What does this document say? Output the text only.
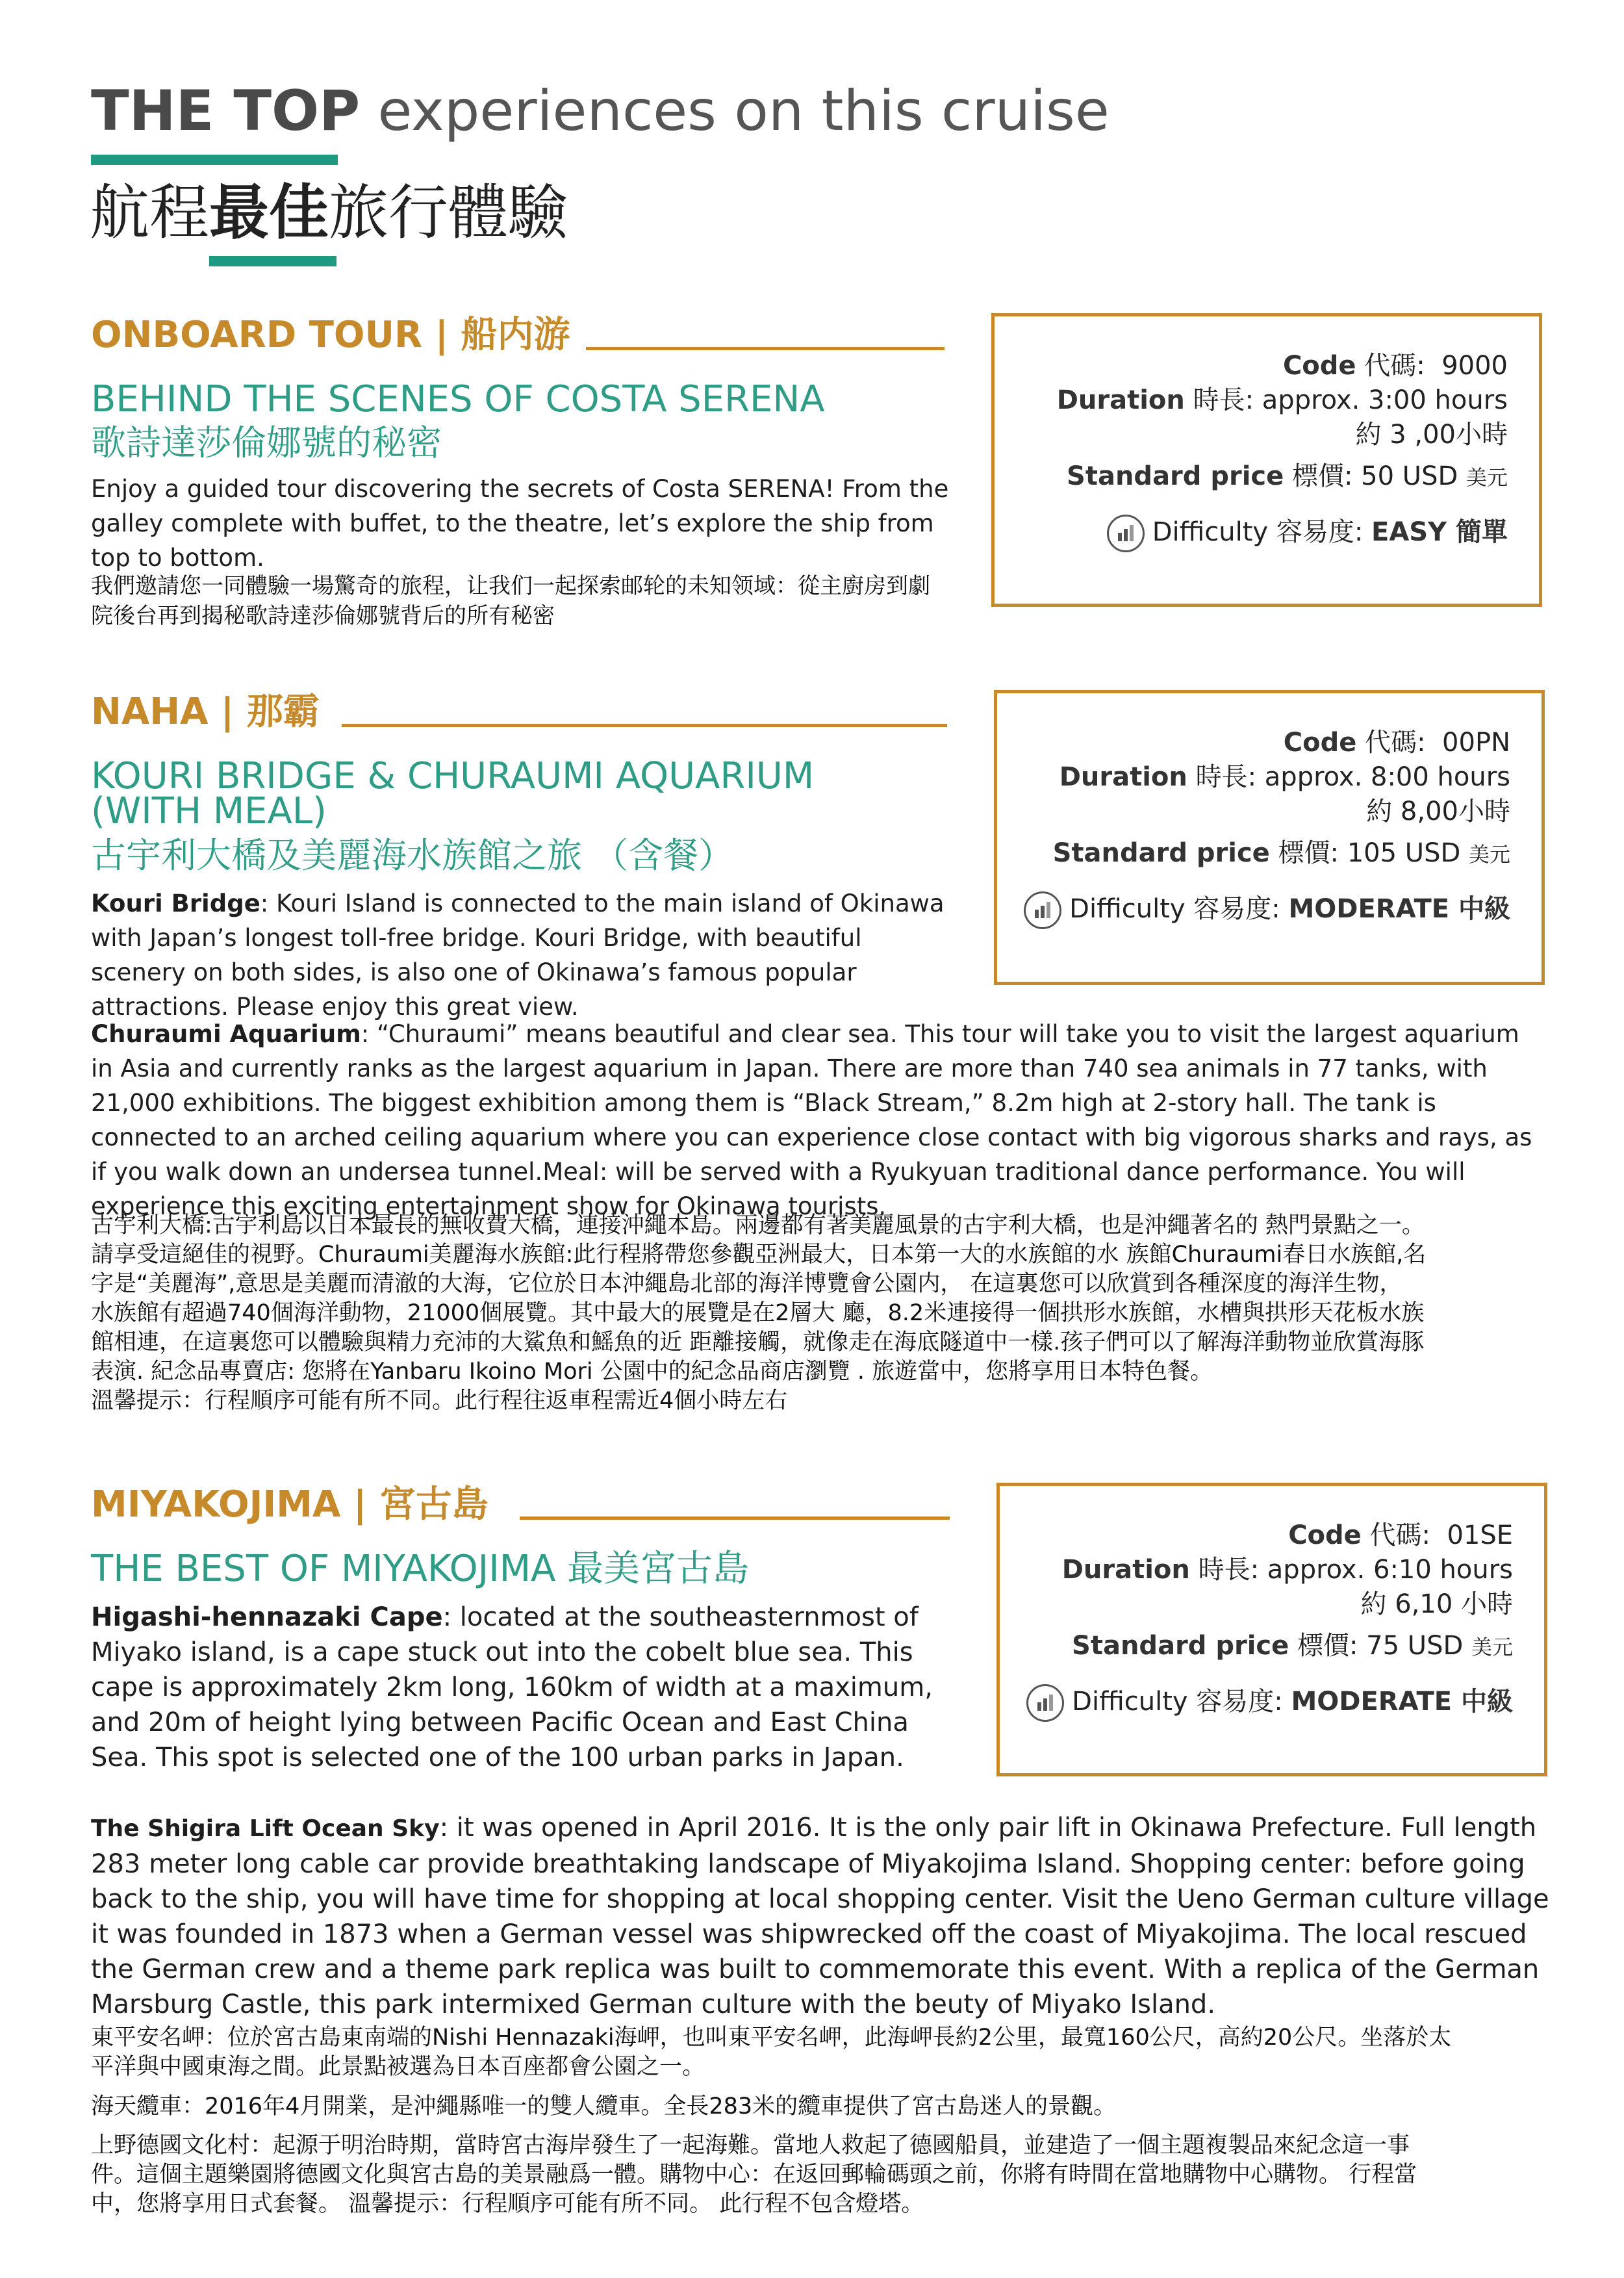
THE TOP experiences on this cruise
航程最佳旅行體驗
ONBOARD TOUR | 船内游
BEHIND THE SCENES OF COSTA SERENA
歌詩達莎倫娜號的秘密
Enjoy a guided tour discovering the secrets of Costa SERENA! From the galley complete with buffet, to the theatre, let’s explore the ship from top to bottom.
我們邀請您一同體驗一場驚奇的旅程，让我们一起探索邮轮的未知领域：從主廚房到劇院後台再到揭秘歌詩達莎倫娜號背后的所有秘密
Code 代碼: 9000
Duration 時長: approx. 3:00 hours
約 3 ,00小時
Standard price 標價: 50 USD 美元
Difficulty 容易度: EASY 簡單
NAHA | 那霸
KOURI BRIDGE & CHURAUMI AQUARIUM
(WITH MEAL)
古宇利大橋及美麗海水族館之旅 （含餐）
Kouri Bridge: Kouri Island is connected to the main island of Okinawa with Japan’s longest toll-free bridge. Kouri Bridge, with beautiful scenery on both sides, is also one of Okinawa’s famous popular attractions. Please enjoy this great view.
Churaumi Aquarium: “Churaumi” means beautiful and clear sea. This tour will take you to visit the largest aquarium in Asia and currently ranks as the largest aquarium in Japan. There are more than 740 sea animals in 77 tanks, with 21,000 exhibitions. The biggest exhibition among them is “Black Stream,” 8.2m high at 2-story hall. The tank is connected to an arched ceiling aquarium where you can experience close contact with big vigorous sharks and rays, as if you walk down an undersea tunnel.Meal: will be served with a Ryukyuan traditional dance performance. You will experience this exciting entertainment show for Okinawa tourists.
古宇利大橋:古宇利島以日本最長的無收費大橋，連接沖繩本島。兩邊都有著美麗風景的古宇利大橋，也是沖繩著名的 熱門景點之一。
請享受這絕佳的視野。Churaumi美麗海水族館:此行程將帶您參觀亞洲最大，日本第一大的水族館的水 族館Churaumi春日水族館,名
字是“美麗海”,意思是美麗而清澈的大海，它位於日本沖繩島北部的海洋博覽會公園内， 在這裏您可以欣賞到各種深度的海洋生物，
水族館有超過740個海洋動物，21000個展覽。其中最大的展覽是在2層大 廳，8.2米連接得一個拱形水族館，水槽與拱形天花板水族
館相連，在這裏您可以體驗與精力充沛的大鯊魚和鰩魚的近 距離接觸，就像走在海底隧道中一樣.孩子們可以了解海洋動物並欣賞海豚
表演. 紀念品專賣店: 您將在Yanbaru Ikoino Mori 公園中的紀念品商店瀏覽 . 旅遊當中，您將享用日本特色餐。
溫馨提示：行程順序可能有所不同。此行程往返車程需近4個小時左右
Code 代碼: 00PN
Duration 時長: approx. 8:00 hours
約 8,00小時
Standard price 標價: 105 USD 美元
Difficulty 容易度: MODERATE 中級
MIYAKOJIMA | 宮古島
THE BEST OF MIYAKOJIMA 最美宮古島
Higashi-hennazaki Cape: located at the southeasternmost of Miyako island, is a cape stuck out into the cobelt blue sea. This cape is approximately 2km long, 160km of width at a maximum, and 20m of height lying between Pacific Ocean and East China Sea. This spot is selected one of the 100 urban parks in Japan.
The Shigira Lift Ocean Sky: it was opened in April 2016. It is the only pair lift in Okinawa Prefecture. Full length 283 meter long cable car provide breathtaking landscape of Miyakojima Island. Shopping center: before going back to the ship, you will have time for shopping at local shopping center. Visit the Ueno German culture village it was founded in 1873 when a German vessel was shipwrecked off the coast of Miyakojima. The local rescued the German crew and a theme park replica was built to commemorate this event. With a replica of the German Marsburg Castle, this park intermixed German culture with the beuty of Miyako Island.
東平安名岬：位於宮古島東南端的Nishi Hennazaki海岬，也叫東平安名岬，此海岬長約2公里，最寬160公尺，高約20公尺。坐落於太
平洋與中國東海之間。此景點被選為日本百座都會公園之一。
海天纜車：2016年4月開業，是沖繩縣唯一的雙人纜車。全長283米的纜車提供了宮古島迷人的景觀。
上野德國文化村：起源于明治時期，當時宮古海岸發生了一起海難。當地人救起了德國船員，並建造了一個主題複製品來紀念這一事
件。這個主題樂園將德國文化與宮古島的美景融爲一體。購物中心：在返回郵輪碼頭之前，你將有時間在當地購物中心購物。 行程當
中，您將享用日式套餐。 溫馨提示：行程順序可能有所不同。 此行程不包含燈塔。
Code 代碼: 01SE
Duration 時長: approx. 6:10 hours
約 6,10 小時
Standard price 標價: 75 USD 美元
Difficulty 容易度: MODERATE 中級
